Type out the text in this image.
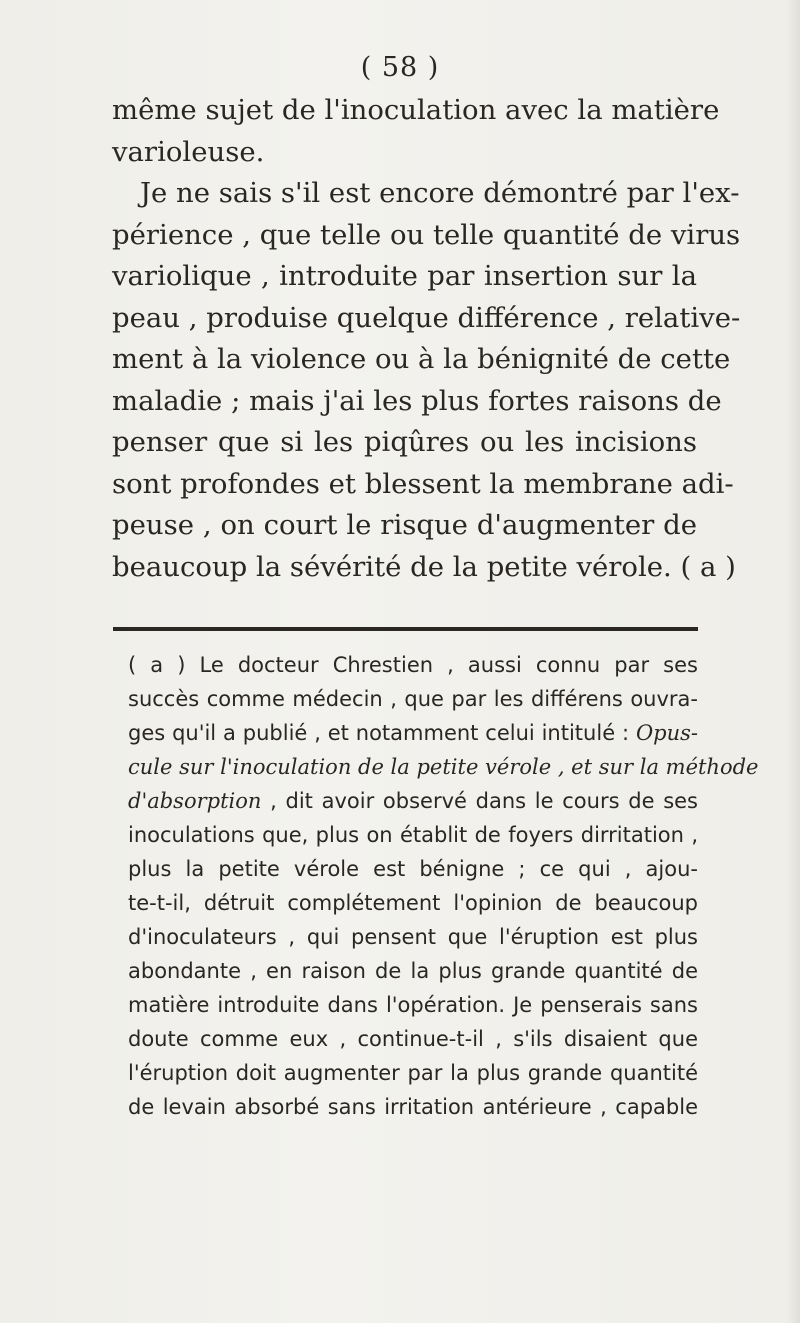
( 58 )
même sujet de l'inoculation avec la matière
varioleuse.
Je ne sais s'il est encore démontré par l'ex-
périence , que telle ou telle quantité de virus
variolique , introduite par insertion sur la
peau , produise quelque différence , relative-
ment à la violence ou à la bénignité de cette
maladie ; mais j'ai les plus fortes raisons de
penser que si les piqûres ou les incisions
sont profondes et blessent la membrane adi-
peuse , on court le risque d'augmenter de
beaucoup la sévérité de la petite vérole. ( a )
( a ) Le docteur Chrestien , aussi connu par ses
succès comme médecin , que par les différens ouvra-
ges qu'il a publié , et notamment celui intitulé : Opus-
cule sur l'inoculation de la petite vérole , et sur la méthode
d'absorption , dit avoir observé dans le cours de ses
inoculations que, plus on établit de foyers dirritation ,
plus la petite vérole est bénigne ; ce qui , ajou-
te-t-il, détruit complétement l'opinion de beaucoup
d'inoculateurs , qui pensent que l'éruption est plus
abondante , en raison de la plus grande quantité de
matière introduite dans l'opération. Je penserais sans
doute comme eux , continue-t-il , s'ils disaient que
l'éruption doit augmenter par la plus grande quantité
de levain absorbé sans irritation antérieure , capable
